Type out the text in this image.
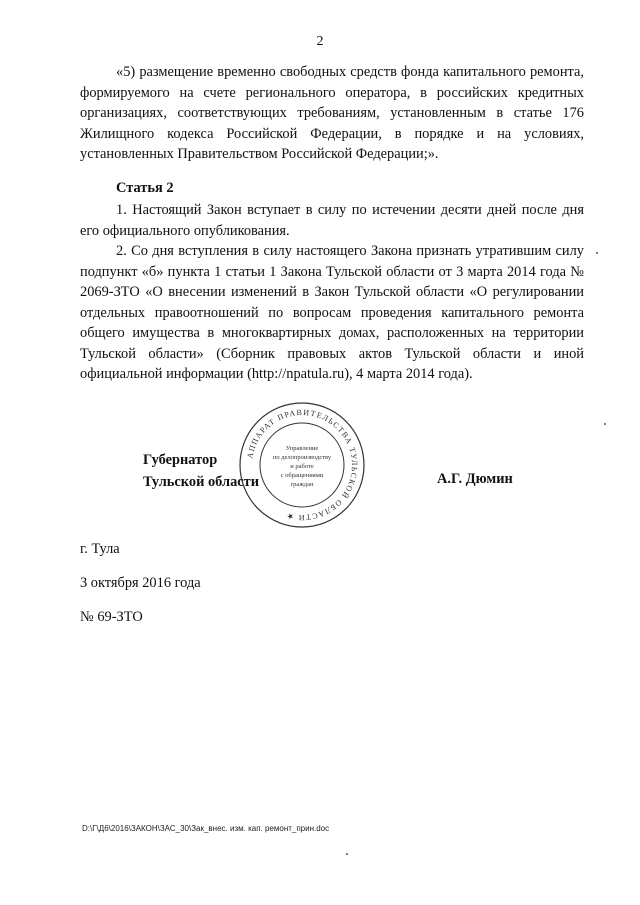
2
«5) размещение временно свободных средств фонда капитального ремонта, формируемого на счете регионального оператора, в российских кредитных организациях, соответствующих требованиям, установленным в статье 176 Жилищного кодекса Российской Федерации, в порядке и на условиях, установленных Правительством Российской Федерации;».
Статья 2
1. Настоящий Закон вступает в силу по истечении десяти дней после дня его официального опубликования.
2. Со дня вступления в силу настоящего Закона признать утратившим силу подпункт «б» пункта 1 статьи 1 Закона Тульской области от 3 марта 2014 года № 2069-ЗТО «О внесении изменений в Закон Тульской области «О регулировании отдельных правоотношений по вопросам проведения капитального ремонта общего имущества в многоквартирных домах, расположенных на территории Тульской области» (Сборник правовых актов Тульской области и иной официальной информации (http://npatula.ru), 4 марта 2014 года).
Губернатор
Тульской области
АППАРАТ ПРАВИТЕЛЬСТВА ТУЛЬСКОЙ ОБЛАСТИ ★
Управление
по делопроизводству
и работе
с обращениями
граждан	А.Г. Дюмин
г. Тула
3 октября 2016 года
№ 69-ЗТО
D:\Г\Д6\2016\ЗАКОН\ЗАС_30\Зак_внес. изм. кап. ремонт_прин.doc
